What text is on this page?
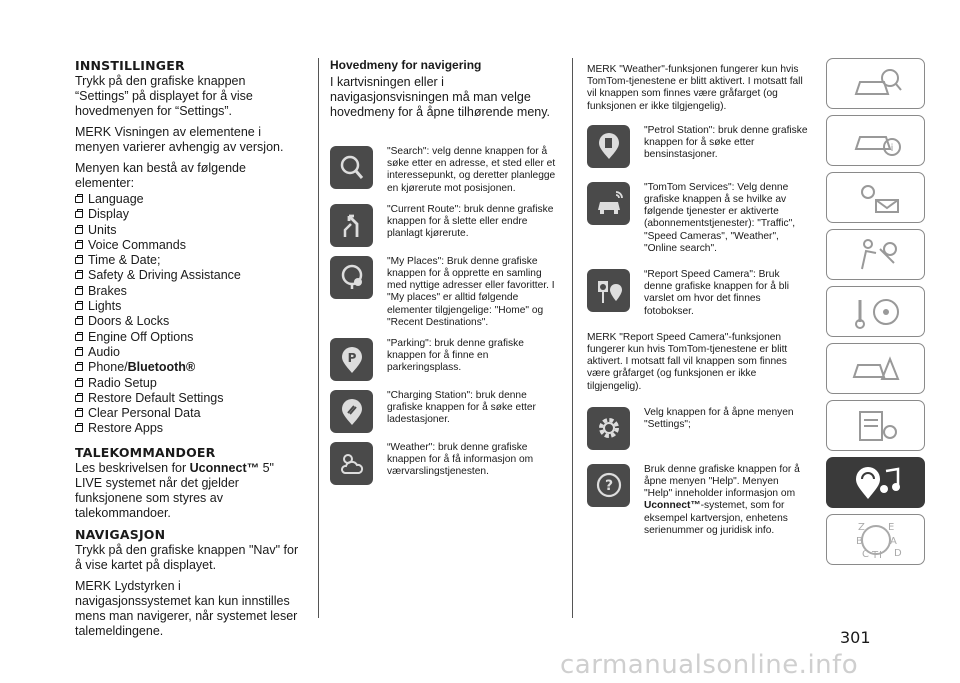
INNSTILLINGER

Trykk på den grafiske knappen “Settings” på displayet for å vise hovedmenyen for “Settings”.

MERK Visningen av elementene i menyen varierer avhengig av versjon.

Menyen kan bestå av følgende elementer:

Language
Display
Units
Voice Commands
Time & Date;
Safety & Driving Assistance
Brakes
Lights
Doors & Locks
Engine Off Options
Audio
Phone/Bluetooth®
Radio Setup
Restore Default Settings
Clear Personal Data
Restore Apps
TALEKOMMANDOER

Les beskrivelsen for Uconnect™ 5" LIVE systemet når det gjelder funksjonene som styres av talekommandoer.

NAVIGASJON

Trykk på den grafiske knappen "Nav" for å vise kartet på displayet.

MERK Lydstyrken i navigasjonssystemet kan kun innstilles mens man navigerer, når systemet leser talemeldingene.

Hovedmeny for navigering

I kartvisningen eller i navigasjonsvisningen må man velge hovedmeny for å åpne tilhørende meny.

"Search": velg denne knappen for å søke etter en adresse, et sted eller et interessepunkt, og deretter planlegge en kjørerute mot posisjonen.
"Current Route": bruk denne grafiske knappen for å slette eller endre planlagt kjørerute.
"My Places": Bruk denne grafiske knappen for å opprette en samling med nyttige adresser eller favoritter. I "My places" er alltid følgende elementer tilgjengelige: "Home" og "Recent Destinations".
P
"Parking": bruk denne grafiske knappen for å finne en parkeringsplass.
"Charging Station": bruk denne grafiske knappen for å søke etter ladestasjoner.
“Weather": bruk denne grafiske knappen for å få informasjon om værvarslingstjenesten.

MERK "Weather"-funksjonen fungerer kun hvis TomTom-tjenestene er blitt aktivert. I motsatt fall vil knappen som finnes være gråfarget (og funksjonen er ikke tilgjengelig).

"Petrol Station": bruk denne grafiske knappen for å søke etter bensinstasjoner.
"TomTom Services": Velg denne grafiske knappen å se hvilke av følgende tjenester er aktiverte (abonnementstjenester): "Traffic", "Speed Cameras", "Weather", "Online search".
“Report Speed Camera": Bruk denne grafiske knappen for å bli varslet om hvor det finnes fotobokser.

MERK "Report Speed Camera"-funksjonen fungerer kun hvis TomTom-tjenestene er blitt aktivert. I motsatt fall vil knappen som finnes være gråfarget (og funksjonen er ikke tilgjengelig).

Velg knappen for å åpne menyen "Settings";
?
Bruk denne grafiske knappen for å åpne menyen "Help". Menyen "Help" inneholder informasjon om Uconnect™-systemet, som for eksempel kartversjon, enhetens serienummer og juridisk info.
i
Z E
B	A
C	D
T I
301
carmanualsonline.info
